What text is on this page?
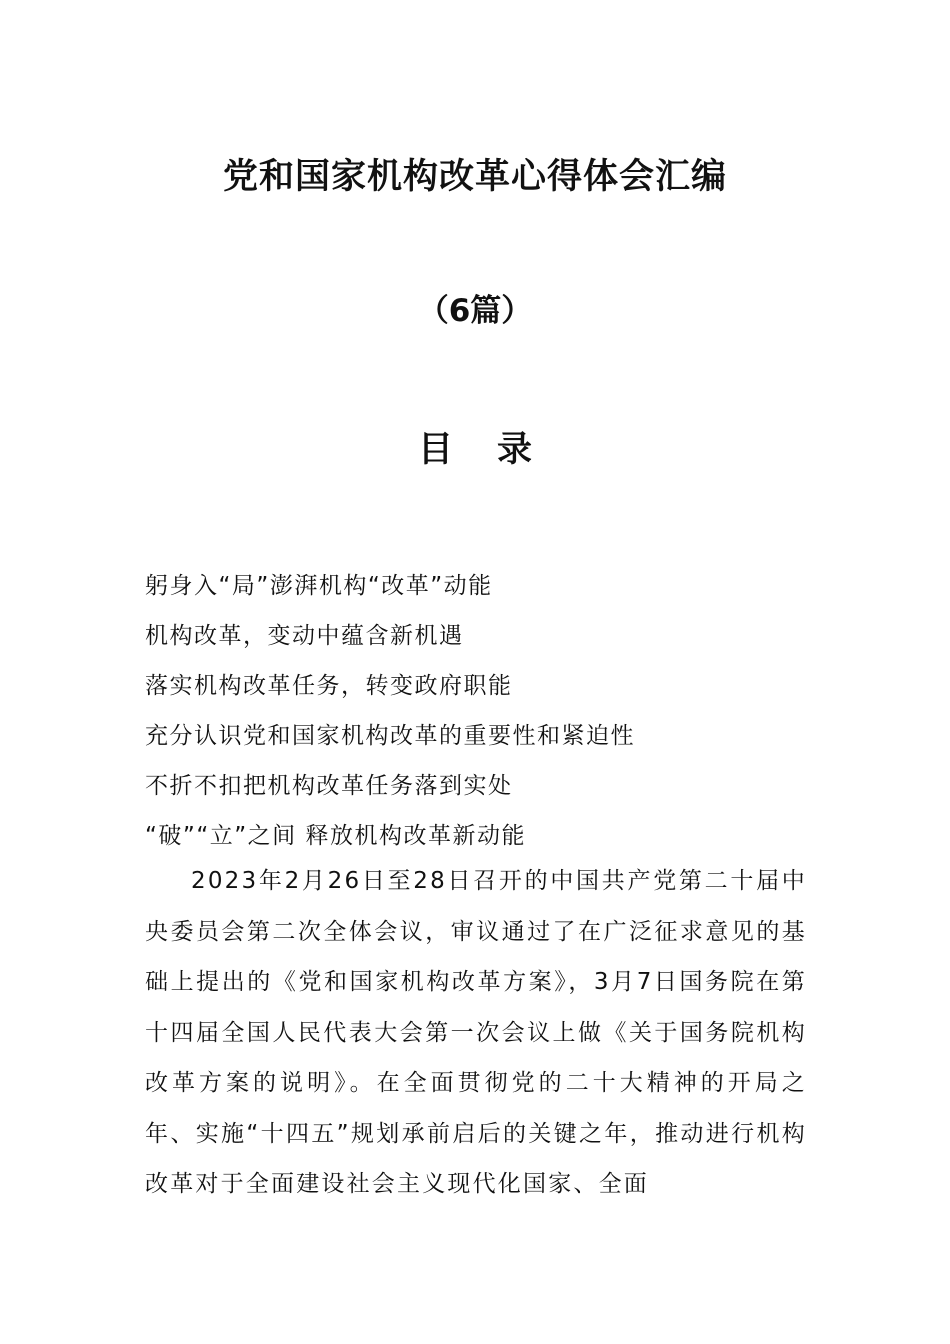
党和国家机构改革心得体会汇编
（6篇）
目 录
躬身入“局”澎湃机构“改革”动能
机构改革，变动中蕴含新机遇
落实机构改革任务，转变政府职能
充分认识党和国家机构改革的重要性和紧迫性
不折不扣把机构改革任务落到实处
“破”“立”之间 释放机构改革新动能

2023年2月26日至28日召开的中国共产党第二十届中央委员会第二次全体会议，审议通过了在广泛征求意见的基础上提出的《党和国家机构改革方案》，3月7日国务院在第十四届全国人民代表大会第一次会议上做《关于国务院机构改革方案的说明》。在全面贯彻党的二十大精神的开局之年、实施“十四五”规划承前启后的关键之年，推动进行机构改革对于全面建设社会主义现代化国家、全面
